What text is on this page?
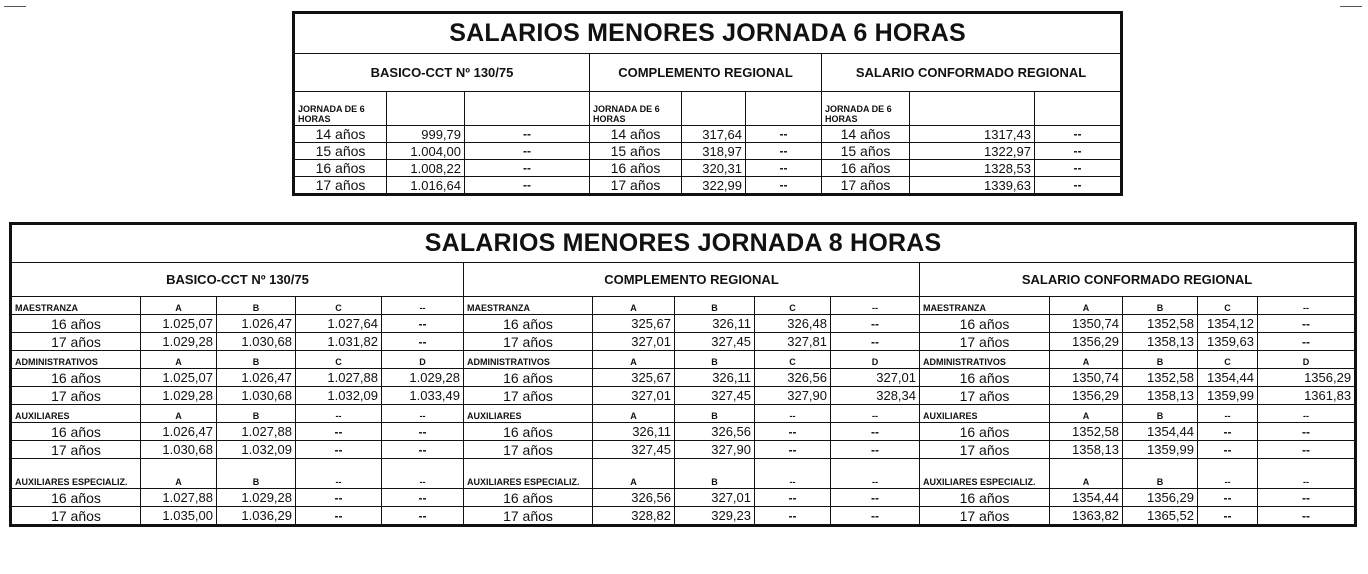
SALARIOS MENORES JORNADA 6 HORAS								
BASICO-CCT Nº 130/75			COMPLEMENTO REGIONAL			SALARIO CONFORMADO REGIONAL		
JORNADA DE 6 HORAS			JORNADA DE 6 HORAS			JORNADA DE 6 HORAS		
14 años	999,79	--	14 años	317,64	--	14 años	1317,43	--
15 años	1.004,00	--	15 años	318,97	--	15 años	1322,97	--
16 años	1.008,22	--	16 años	320,31	--	16 años	1328,53	--
17 años	1.016,64	--	17 años	322,99	--	17 años	1339,63	--
SALARIOS MENORES JORNADA 8 HORAS														
BASICO-CCT Nº 130/75					COMPLEMENTO REGIONAL					SALARIO CONFORMADO REGIONAL				
MAESTRANZA	A	B	C	--	MAESTRANZA	A	B	C	--	MAESTRANZA	A	B	C	--
16 años	1.025,07	1.026,47	1.027,64	--	16 años	325,67	326,11	326,48	--	16 años	1350,74	1352,58	1354,12	--
17 años	1.029,28	1.030,68	1.031,82	--	17 años	327,01	327,45	327,81	--	17 años	1356,29	1358,13	1359,63	--
ADMINISTRATIVOS	A	B	C	D	ADMINISTRATIVOS	A	B	C	D	ADMINISTRATIVOS	A	B	C	D
16 años	1.025,07	1.026,47	1.027,88	1.029,28	16 años	325,67	326,11	326,56	327,01	16 años	1350,74	1352,58	1354,44	1356,29
17 años	1.029,28	1.030,68	1.032,09	1.033,49	17 años	327,01	327,45	327,90	328,34	17 años	1356,29	1358,13	1359,99	1361,83
AUXILIARES	A	B	--	--	AUXILIARES	A	B	--	--	AUXILIARES	A	B	--	--
16 años	1.026,47	1.027,88	--	--	16 años	326,11	326,56	--	--	16 años	1352,58	1354,44	--	--
17 años	1.030,68	1.032,09	--	--	17 años	327,45	327,90	--	--	17 años	1358,13	1359,99	--	--
AUXILIARES ESPECIALIZ.	A	B	--	--	AUXILIARES ESPECIALIZ.	A	B	--	--	AUXILIARES ESPECIALIZ.	A	B	--	--
16 años	1.027,88	1.029,28	--	--	16 años	326,56	327,01	--	--	16 años	1354,44	1356,29	--	--
17 años	1.035,00	1.036,29	--	--	17 años	328,82	329,23	--	--	17 años	1363,82	1365,52	--	--
